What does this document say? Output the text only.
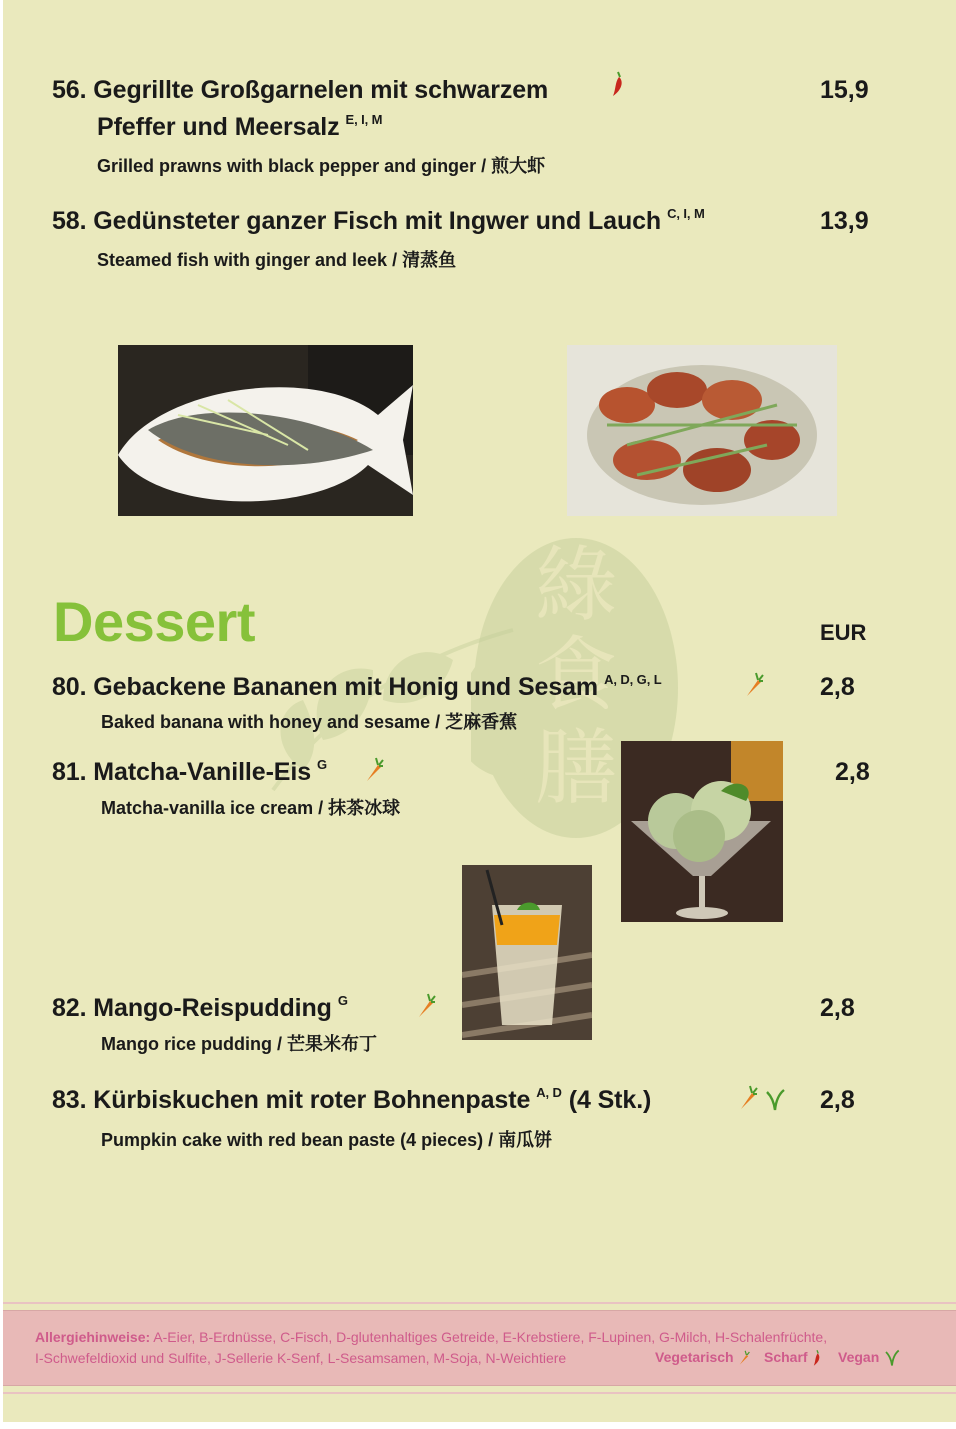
綠
食
膳
56. Gegrillte Großgarnelen mit schwarzem	15,9
Pfeffer und Meersalz $^{E, I, M}$
Grilled prawns with black pepper and ginger / 煎大虾
58. Gedünsteter ganzer Fisch mit Ingwer und Lauch $^{C, I, M}$	13,9
Steamed fish with ginger and leek / 清蒸鱼
Dessert	EUR
80. Gebackene Bananen mit Honig und Sesam $^{A, D, G, L}$	2,8
Baked banana with honey and sesame / 芝麻香蕉
81. Matcha-Vanille-Eis $^G$	2,8
Matcha-vanilla ice cream / 抹茶冰球
82. Mango-Reispudding $^G$	2,8
Mango rice pudding / 芒果米布丁
83. Kürbiskuchen mit roter Bohnenpaste $^{A, D}$ (4 Stk.)	2,8
Pumpkin cake with red bean paste (4 pieces) / 南瓜饼
Allergiehinweise: A-Eier, B-Erdnüsse, C-Fisch, D-glutenhaltiges Getreide, E-Krebstiere, F-Lupinen, G-Milch, H-Schalenfrüchte,
I-Schwefeldioxid und Sulfite, J-Sellerie K-Senf, L-Sesamsamen, M-Soja, N-Weichtiere	Vegetarisch	Scharf	Vegan
